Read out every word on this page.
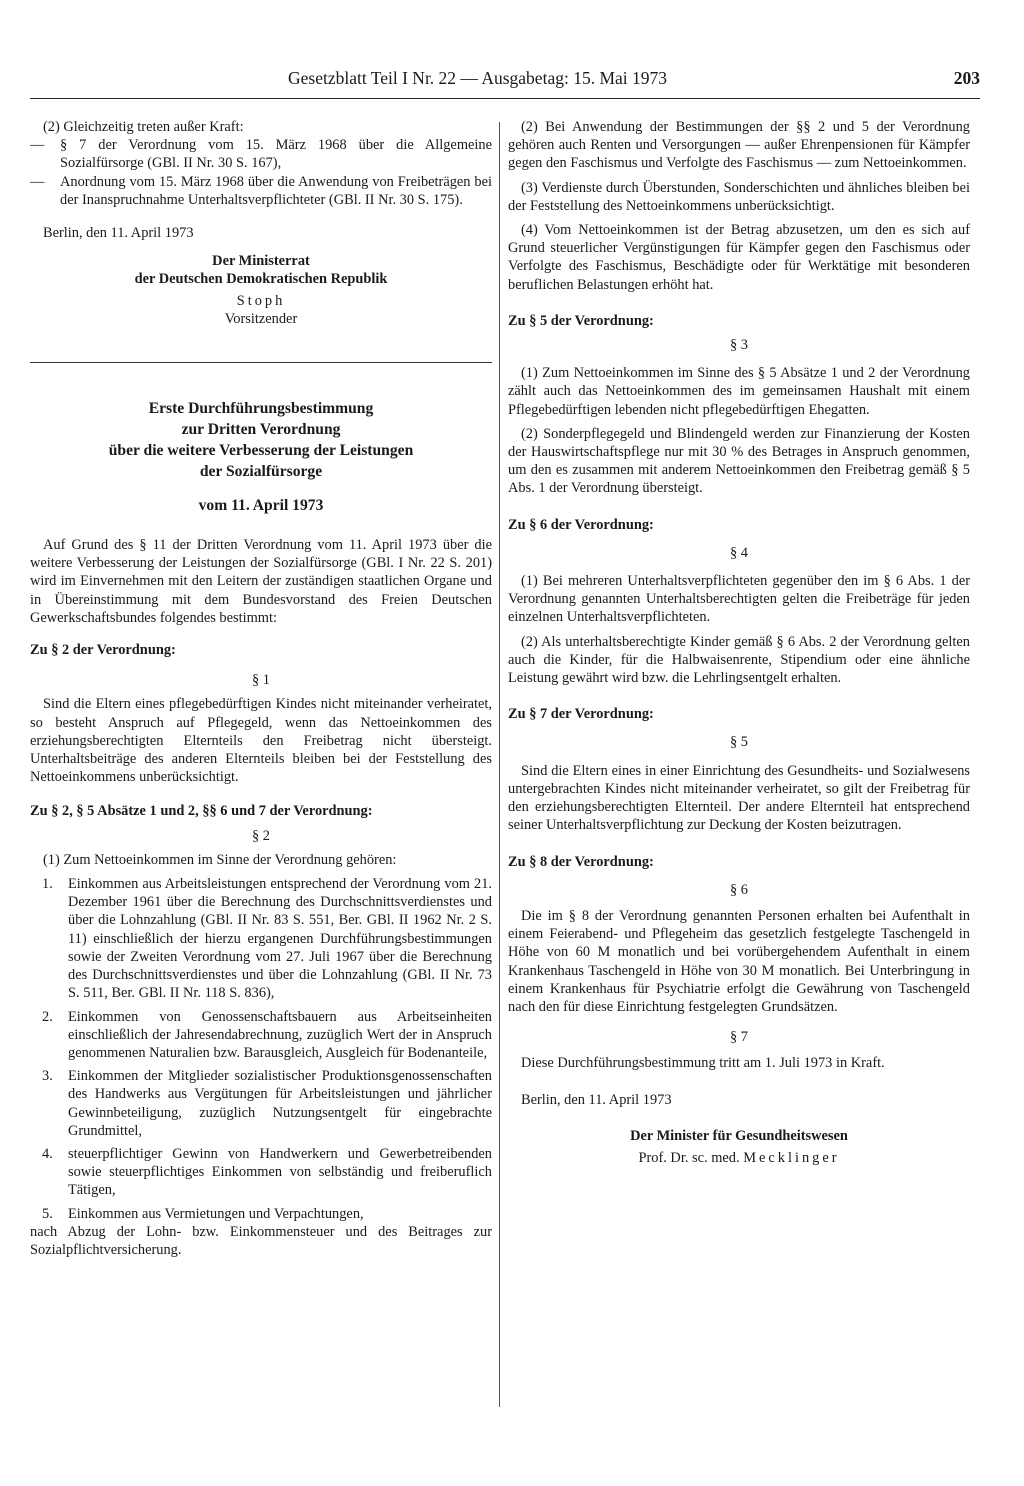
Gesetzblatt Teil I Nr. 22 — Ausgabetag: 15. Mai 1973	203

(2) Gleichzeitig treten außer Kraft:

—	§ 7 der Verordnung vom 15. März 1968 über die Allgemeine Sozialfürsorge (GBl. II Nr. 30 S. 167),
—	Anordnung vom 15. März 1968 über die Anwendung von Freibeträgen bei der Inanspruchnahme Unterhaltsverpflichteter (GBl. II Nr. 30 S. 175).

Berlin, den 11. April 1973

Der Ministerrat

der Deutschen Demokratischen Republik

Stoph

Vorsitzender

Erste Durchführungsbestimmung
zur Dritten Verordnung
über die weitere Verbesserung der Leistungen
der Sozialfürsorge
vom 11. April 1973

Auf Grund des § 11 der Dritten Verordnung vom 11. April 1973 über die weitere Verbesserung der Leistungen der Sozialfürsorge (GBl. I Nr. 22 S. 201) wird im Einvernehmen mit den Leitern der zuständigen staatlichen Organe und in Übereinstimmung mit dem Bundesvorstand des Freien Deutschen Gewerkschaftsbundes folgendes bestimmt:

Zu § 2 der Verordnung:

§ 1

Sind die Eltern eines pflegebedürftigen Kindes nicht miteinander verheiratet, so besteht Anspruch auf Pflegegeld, wenn das Nettoeinkommen des erziehungsberechtigten Elternteils den Freibetrag nicht übersteigt. Unterhaltsbeiträge des anderen Elternteils bleiben bei der Feststellung des Nettoeinkommens unberücksichtigt.

Zu § 2, § 5 Absätze 1 und 2, §§ 6 und 7 der Verordnung:

§ 2

(1) Zum Nettoeinkommen im Sinne der Verordnung gehören:

1.	Einkommen aus Arbeitsleistungen entsprechend der Verordnung vom 21. Dezember 1961 über die Berechnung des Durchschnittsverdienstes und über die Lohnzahlung (GBl. II Nr. 83 S. 551, Ber. GBl. II 1962 Nr. 2 S. 11) einschließlich der hierzu ergangenen Durchführungsbestimmungen sowie der Zweiten Verordnung vom 27. Juli 1967 über die Berechnung des Durchschnittsverdienstes und über die Lohnzahlung (GBl. II Nr. 73 S. 511, Ber. GBl. II Nr. 118 S. 836),
2.	Einkommen von Genossenschaftsbauern aus Arbeitseinheiten einschließlich der Jahresendabrechnung, zuzüglich Wert der in Anspruch genommenen Naturalien bzw. Barausgleich, Ausgleich für Bodenanteile,
3.	Einkommen der Mitglieder sozialistischer Produktionsgenossenschaften des Handwerks aus Vergütungen für Arbeitsleistungen und jährlicher Gewinnbeteiligung, zuzüglich Nutzungsentgelt für eingebrachte Grundmittel,
4.	steuerpflichtiger Gewinn von Handwerkern und Gewerbetreibenden sowie steuerpflichtiges Einkommen von selbständig und freiberuflich Tätigen,
5.	Einkommen aus Vermietungen und Verpachtungen,

nach Abzug der Lohn- bzw. Einkommensteuer und des Beitrages zur Sozialpflichtversicherung.

(2) Bei Anwendung der Bestimmungen der §§ 2 und 5 der Verordnung gehören auch Renten und Versorgungen — außer Ehrenpensionen für Kämpfer gegen den Faschismus und Verfolgte des Faschismus — zum Nettoeinkommen.

(3) Verdienste durch Überstunden, Sonderschichten und ähnliches bleiben bei der Feststellung des Nettoeinkommens unberücksichtigt.

(4) Vom Nettoeinkommen ist der Betrag abzusetzen, um den es sich auf Grund steuerlicher Vergünstigungen für Kämpfer gegen den Faschismus oder Verfolgte des Faschismus, Beschädigte oder für Werktätige mit besonderen beruflichen Belastungen erhöht hat.

Zu § 5 der Verordnung:

§ 3

(1) Zum Nettoeinkommen im Sinne des § 5 Absätze 1 und 2 der Verordnung zählt auch das Nettoeinkommen des im gemeinsamen Haushalt mit einem Pflegebedürftigen lebenden nicht pflegebedürftigen Ehegatten.

(2) Sonderpflegegeld und Blindengeld werden zur Finanzierung der Kosten der Hauswirtschaftspflege nur mit 30 % des Betrages in Anspruch genommen, um den es zusammen mit anderem Nettoeinkommen den Freibetrag gemäß § 5 Abs. 1 der Verordnung übersteigt.

Zu § 6 der Verordnung:

§ 4

(1) Bei mehreren Unterhaltsverpflichteten gegenüber den im § 6 Abs. 1 der Verordnung genannten Unterhaltsberechtigten gelten die Freibeträge für jeden einzelnen Unterhaltsverpflichteten.

(2) Als unterhaltsberechtigte Kinder gemäß § 6 Abs. 2 der Verordnung gelten auch die Kinder, für die Halbwaisenrente, Stipendium oder eine ähnliche Leistung gewährt wird bzw. die Lehrlingsentgelt erhalten.

Zu § 7 der Verordnung:

§ 5

Sind die Eltern eines in einer Einrichtung des Gesundheits- und Sozialwesens untergebrachten Kindes nicht miteinander verheiratet, so gilt der Freibetrag für den erziehungsberechtigten Elternteil. Der andere Elternteil hat entsprechend seiner Unterhaltsverpflichtung zur Deckung der Kosten beizutragen.

Zu § 8 der Verordnung:

§ 6

Die im § 8 der Verordnung genannten Personen erhalten bei Aufenthalt in einem Feierabend- und Pflegeheim das gesetzlich festgelegte Taschengeld in Höhe von 60 M monatlich und bei vorübergehendem Aufenthalt in einem Krankenhaus Taschengeld in Höhe von 30 M monatlich. Bei Unterbringung in einem Krankenhaus für Psychiatrie erfolgt die Gewährung von Taschengeld nach den für diese Einrichtung festgelegten Grundsätzen.

§ 7

Diese Durchführungsbestimmung tritt am 1. Juli 1973 in Kraft.

Berlin, den 11. April 1973

Der Minister für Gesundheitswesen

Prof. Dr. sc. med. Mecklinger
